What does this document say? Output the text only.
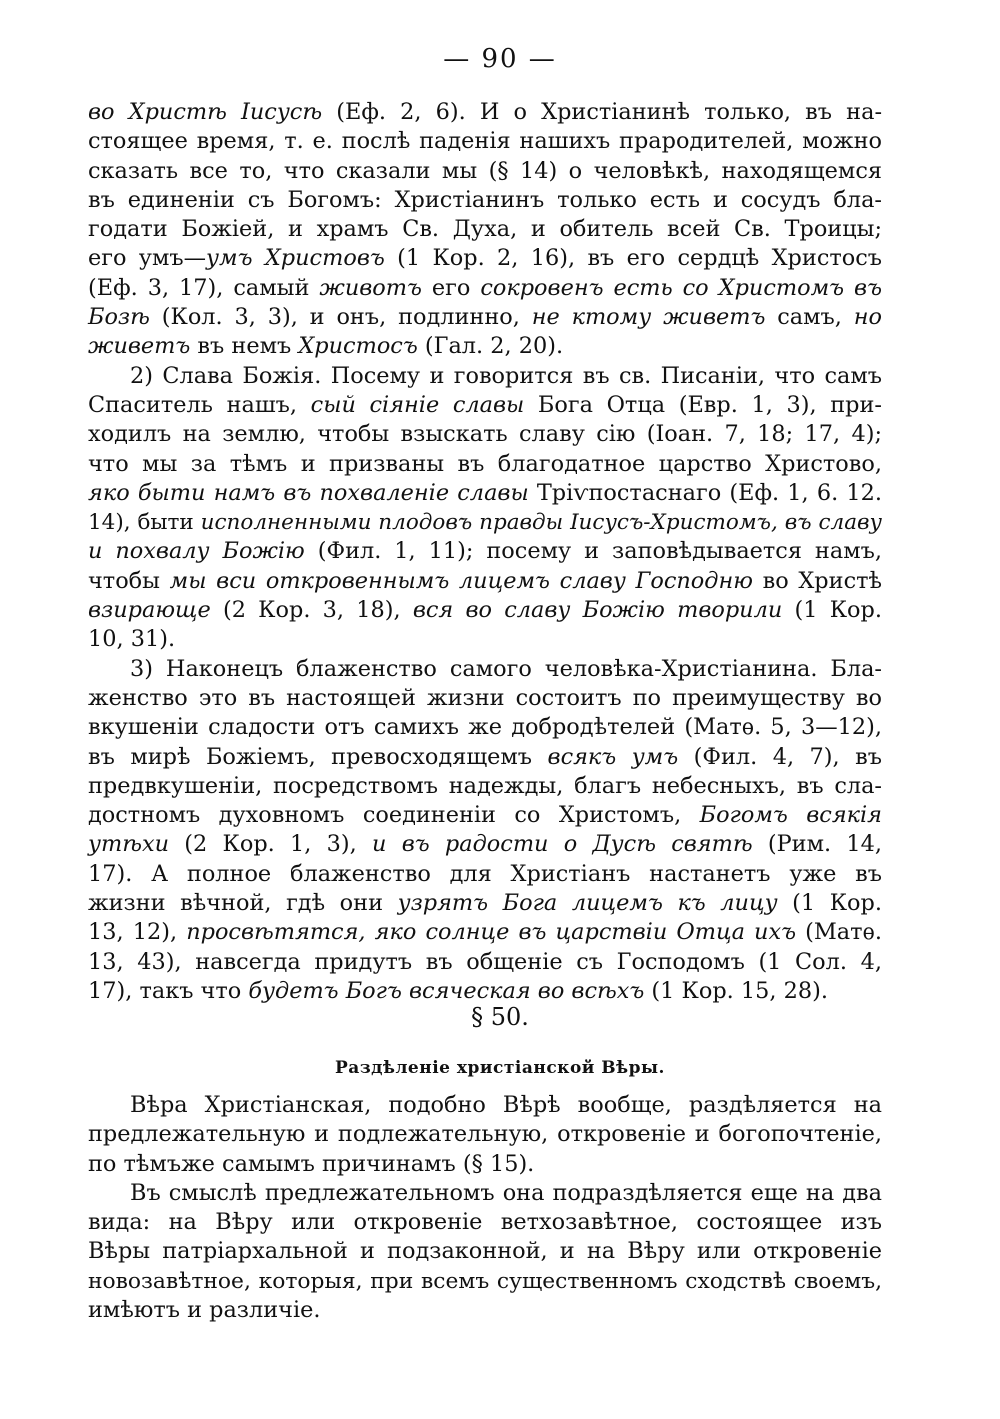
— 90 —
во Христѣ Іисусѣ (Еф. 2, 6). И о Христіанинѣ только, въ на-
стоящее время, т. е. послѣ паденія нашихъ прародителей, можно
сказать все то, что сказали мы (§ 14) о человѣкѣ, находящемся
въ единеніи съ Богомъ: Христіанинъ только есть и сосудъ бла-
годати Божіей, и храмъ Св. Духа, и обитель всей Св. Троицы;
его умъ—умъ Христовъ (1 Кор. 2, 16), въ его сердцѣ Христосъ
(Еф. 3, 17), самый животъ его сокровенъ есть со Христомъ въ
Бозѣ (Кол. 3, 3), и онъ, подлинно, не ктому живетъ самъ, но
живетъ въ немъ Христосъ (Гал. 2, 20).
2) Слава Божія. Посему и говорится въ св. Писаніи, что самъ
Спаситель нашъ, сый сіяніе славы Бога Отца (Евр. 1, 3), при-
ходилъ на землю, чтобы взыскать славу сію (Іоан. 7, 18; 17, 4);
что мы за тѣмъ и призваны въ благодатное царство Христово,
яко быти намъ въ похваленіе славы Трiѵпостаснаго (Еф. 1, 6. 12.
14), быти исполненными плодовъ правды Іисусъ-Христомъ, въ славу
и похвалу Божію (Фил. 1, 11); посему и заповѣдывается намъ,
чтобы мы вси откровеннымъ лицемъ славу Господню во Христѣ
взирающе (2 Кор. 3, 18), вся во славу Божію творили (1 Кор.
10, 31).
3) Наконецъ блаженство самого человѣка-Христіанина. Бла-
женство это въ настоящей жизни состоитъ по преимуществу во
вкушеніи сладости отъ самихъ же добродѣтелей (Матѳ. 5, 3—12),
въ мирѣ Божіемъ, превосходящемъ всякъ умъ (Фил. 4, 7), въ
предвкушеніи, посредствомъ надежды, благъ небесныхъ, въ сла-
достномъ духовномъ соединеніи со Христомъ, Богомъ всякія
утѣхи (2 Кор. 1, 3), и въ радости о Дусѣ святѣ (Рим. 14,
17). А полное блаженство для Христіанъ настанетъ уже въ
жизни вѣчной, гдѣ они узрятъ Бога лицемъ къ лицу (1 Кор.
13, 12), просвѣтятся, яко солнце въ царствіи Отца ихъ (Матѳ.
13, 43), навсегда придутъ въ общеніе съ Господомъ (1 Сол. 4,
17), такъ что будетъ Богъ всяческая во всѣхъ (1 Кор. 15, 28).
§ 50.
Раздѣленіе христіанской Вѣры.
Вѣра Христіанская, подобно Вѣрѣ вообще, раздѣляется на
предлежательную и подлежательную, откровеніе и богопочтеніе,
по тѣмъже самымъ причинамъ (§ 15).
Въ смыслѣ предлежательномъ она подраздѣляется еще на два
вида: на Вѣру или откровеніе ветхозавѣтное, состоящее изъ
Вѣры патріархальной и подзаконной, и на Вѣру или откровеніе
новозавѣтное, которыя, при всемъ существенномъ сходствѣ своемъ,
имѣютъ и различіе.
